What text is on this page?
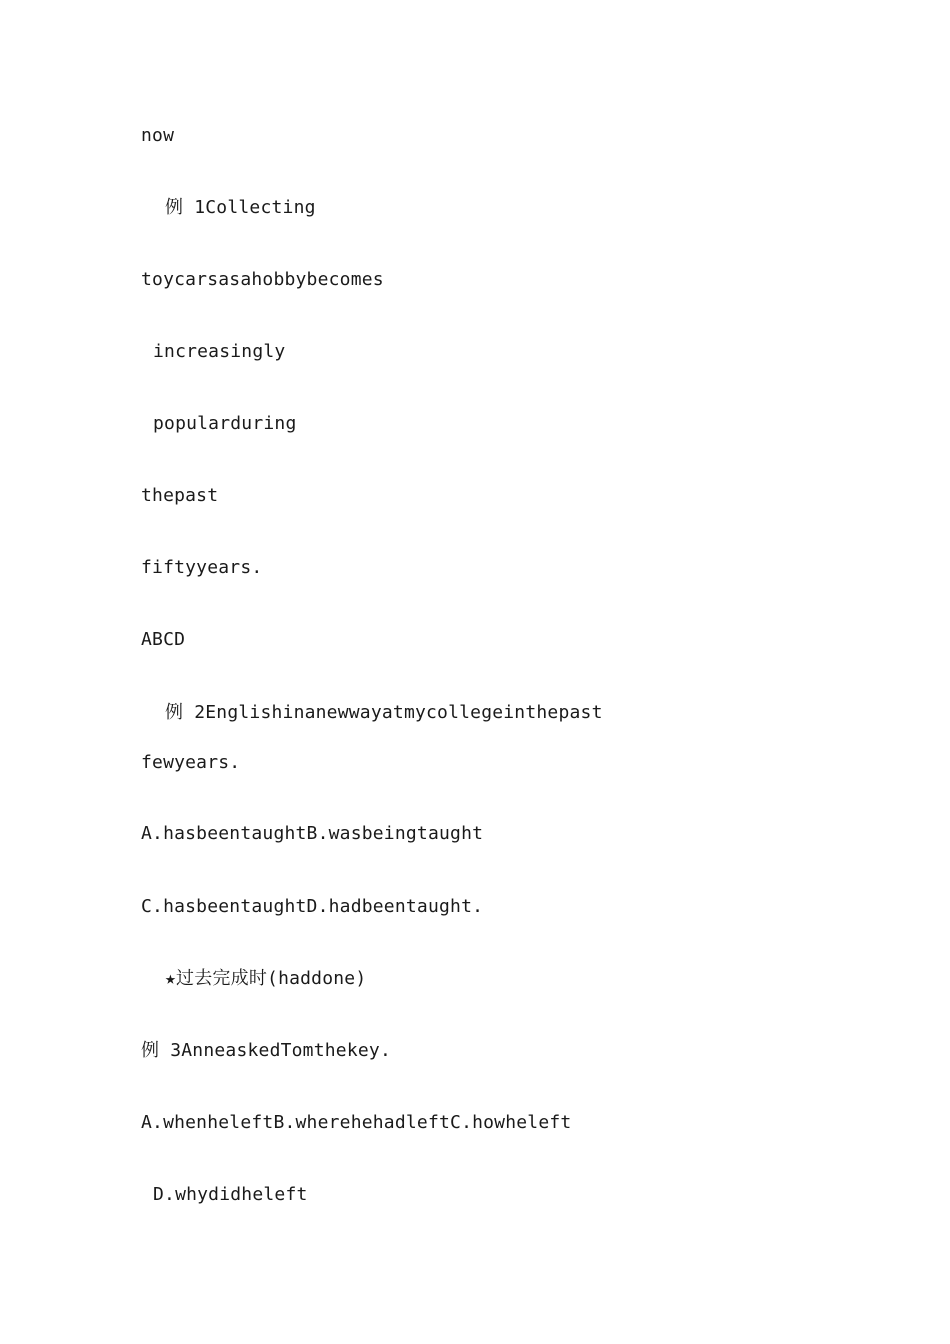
now
例 1Collecting
toycarsasahobbybecomes
increasingly
popularduring
thepast
fiftyyears.
ABCD
例 2Englishinanewwayatmycollegeinthepast
fewyears.
A.hasbeentaughtB.wasbeingtaught
C.hasbeentaughtD.hadbeentaught.
★过去完成时(haddone)
例 3AnneaskedTomthekey.
A.whenheleftB.wherehehadleftC.howheleft
D.whydidheleft
